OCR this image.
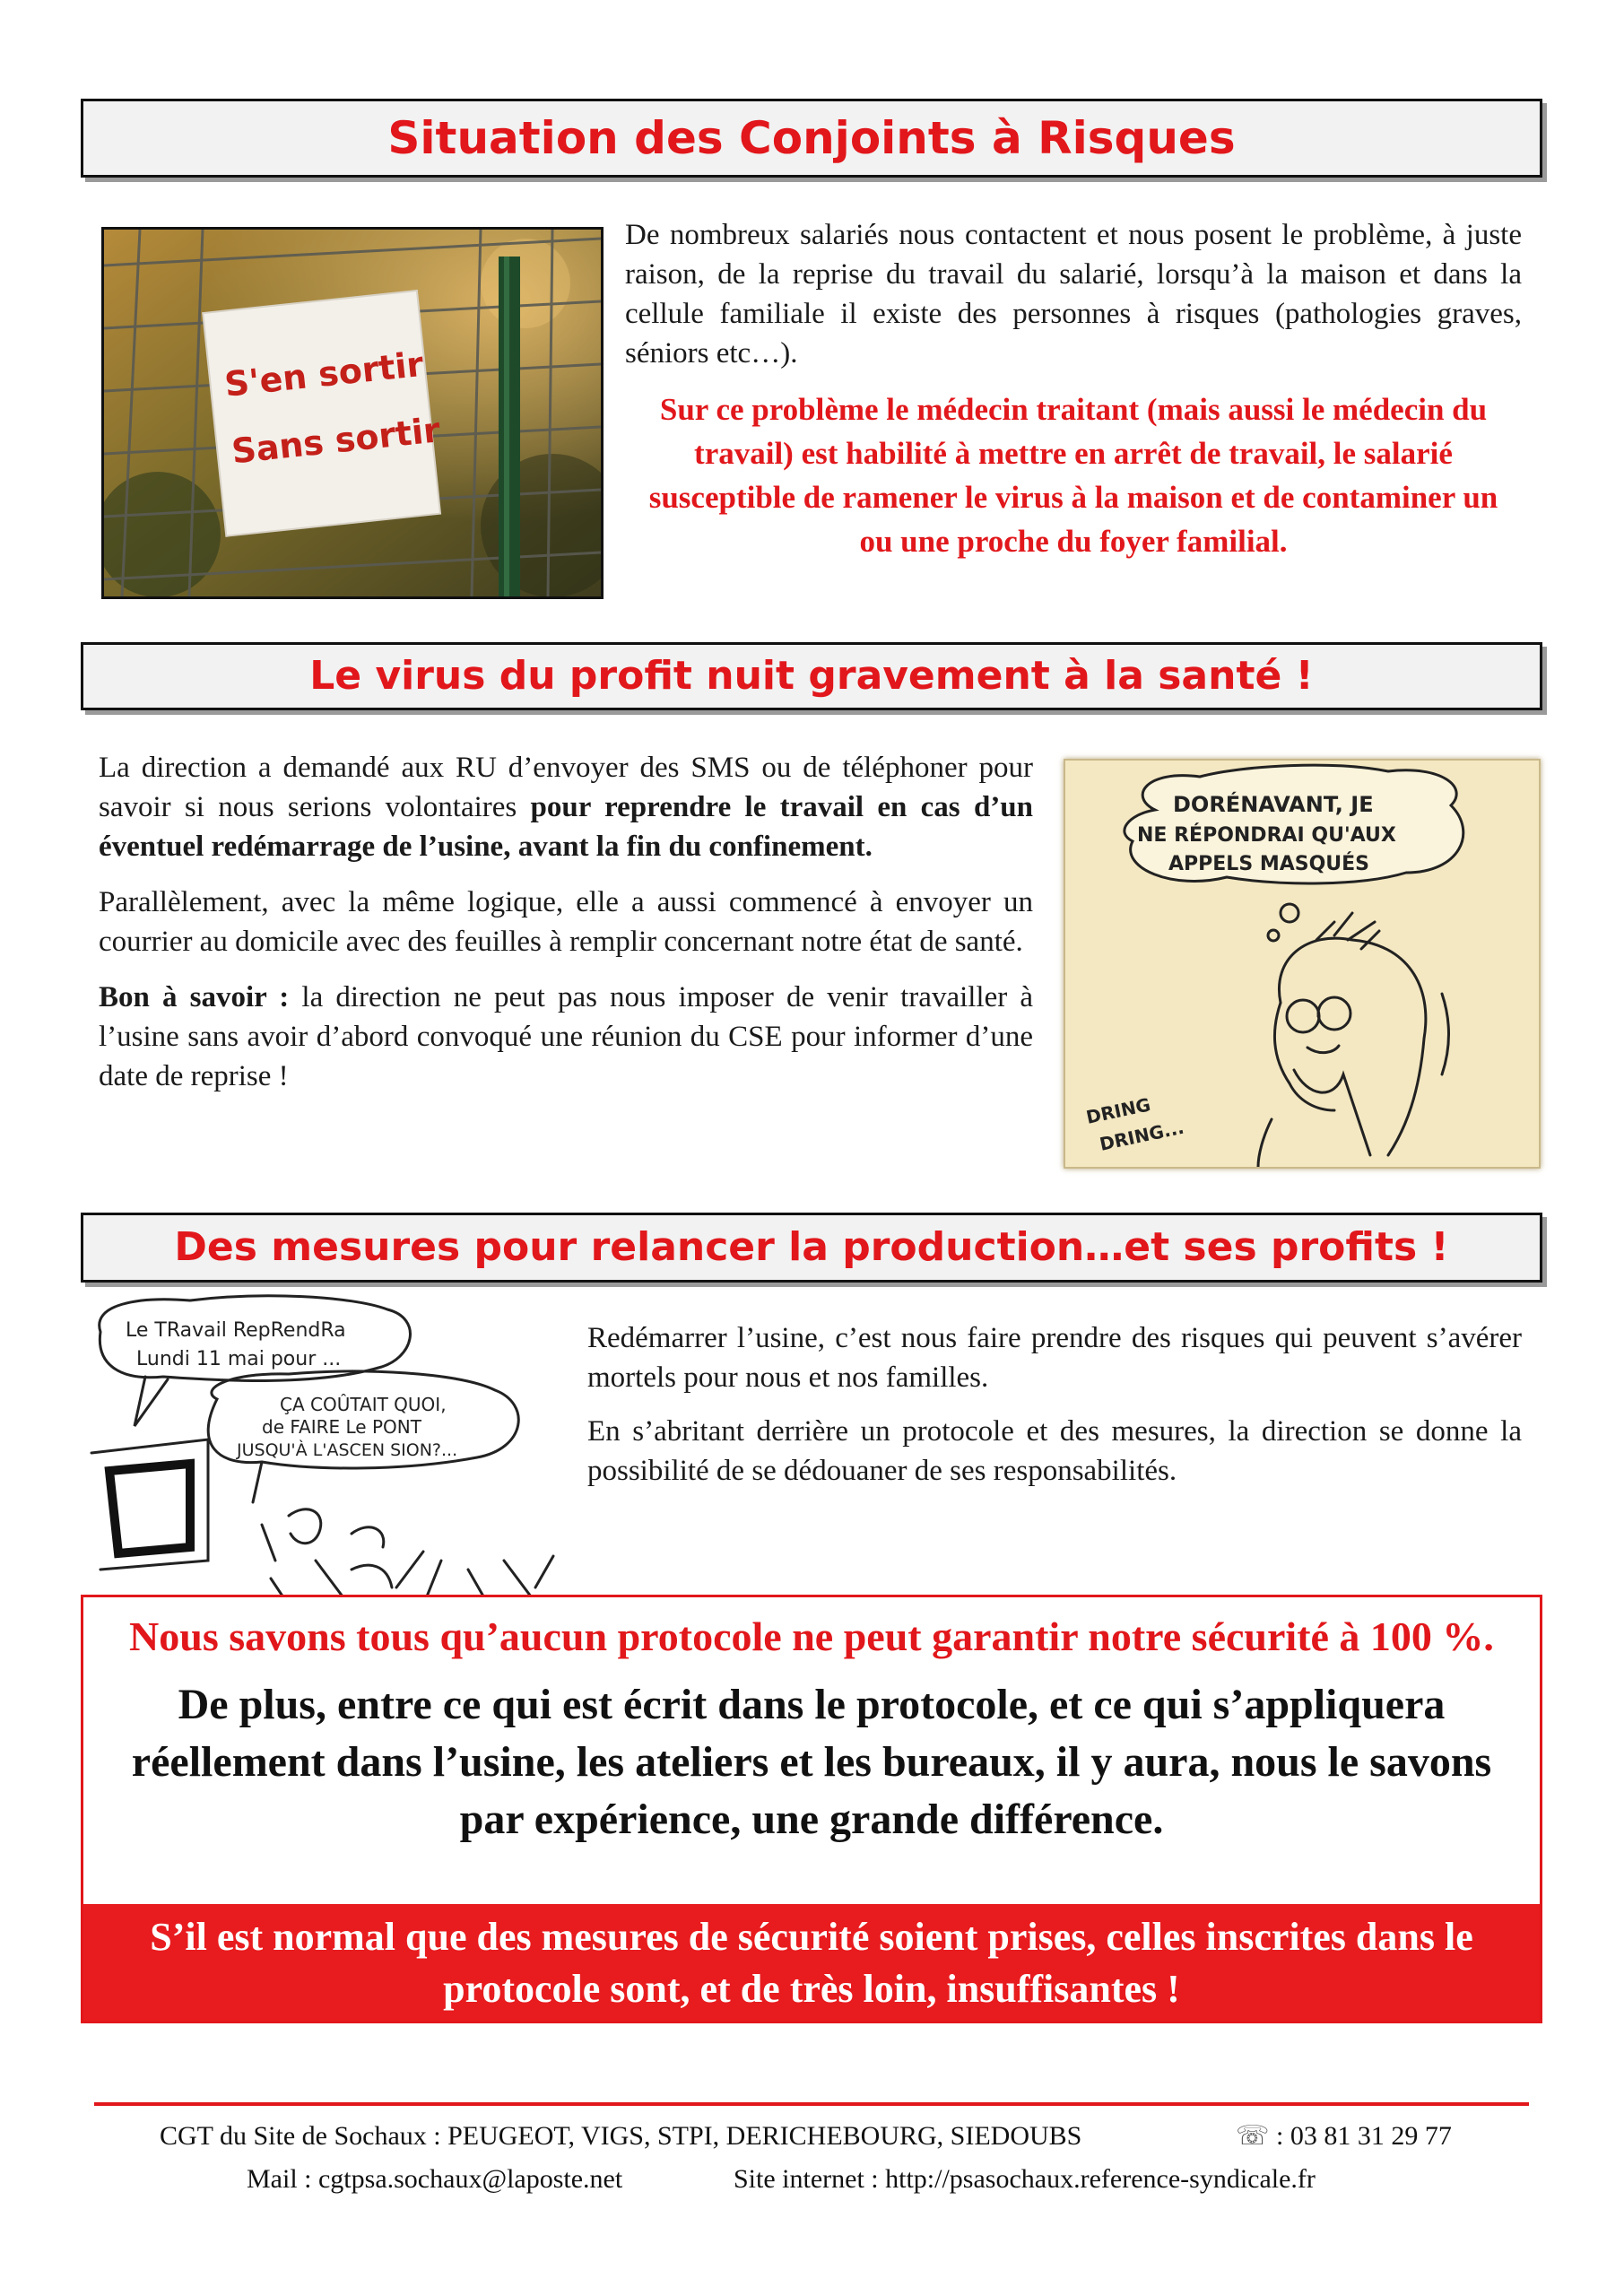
Situation des Conjoints à Risques
S'en sortir
Sans sortir

De nombreux salariés nous contactent et nous posent le problème, à juste raison, de la reprise du travail du salarié, lorsqu’à la maison et dans la cellule familiale il existe des personnes à risques (pathologies graves, séniors etc…).

Sur ce problème le médecin traitant (mais aussi le médecin du travail) est habilité à mettre en arrêt de travail, le salarié susceptible de ramener le virus à la maison et de contaminer un ou une proche du foyer familial.

Le virus du profit nuit gravement à la santé !

La direction a demandé aux RU d’envoyer des SMS ou de téléphoner pour savoir si nous serions volontaires pour reprendre le travail en cas d’un éventuel redémarrage de l’usine, avant la fin du confinement.

Parallèlement, avec la même logique, elle a aussi commencé à envoyer un courrier au domicile avec des feuilles à remplir concernant notre état de santé.

Bon à savoir : la direction ne peut pas nous imposer de venir travailler à l’usine sans avoir d’abord convoqué une réunion du CSE pour informer d’une date de reprise !

DORÉNAVANT, JE
NE RÉPONDRAI QU'AUX
APPELS MASQUÉS
DRING
DRING...
Des mesures pour relancer la production…et ses profits !
Le TRavail RepRendRa
Lundi 11 mai pour ...
ÇA COÛTAIT QUOI,
de FAIRE Le PONT
JUSQU'À L'ASCEN SION?...

Redémarrer l’usine, c’est nous faire prendre des risques qui peuvent s’avérer mortels pour nous et nos familles.

En s’abritant derrière un protocole et des mesures, la direction se donne la possibilité de se dédouaner de ses responsabilités.

Nous savons tous qu’aucun protocole ne peut garantir notre sécurité à 100 %.
De plus, entre ce qui est écrit dans le protocole, et ce qui s’appliquera réellement dans l’usine, les ateliers et les bureaux, il y aura, nous le savons par expérience, une grande différence.
S’il est normal que des mesures de sécurité soient prises, celles inscrites dans le protocole sont, et de très loin, insuffisantes !
CGT du Site de Sochaux : PEUGEOT, VIGS, STPI, DERICHEBOURG, SIEDOUBS	☏ : 03 81 31 29 77
Mail : cgtpsa.sochaux@laposte.net	Site internet : http://psasochaux.reference-syndicale.fr
